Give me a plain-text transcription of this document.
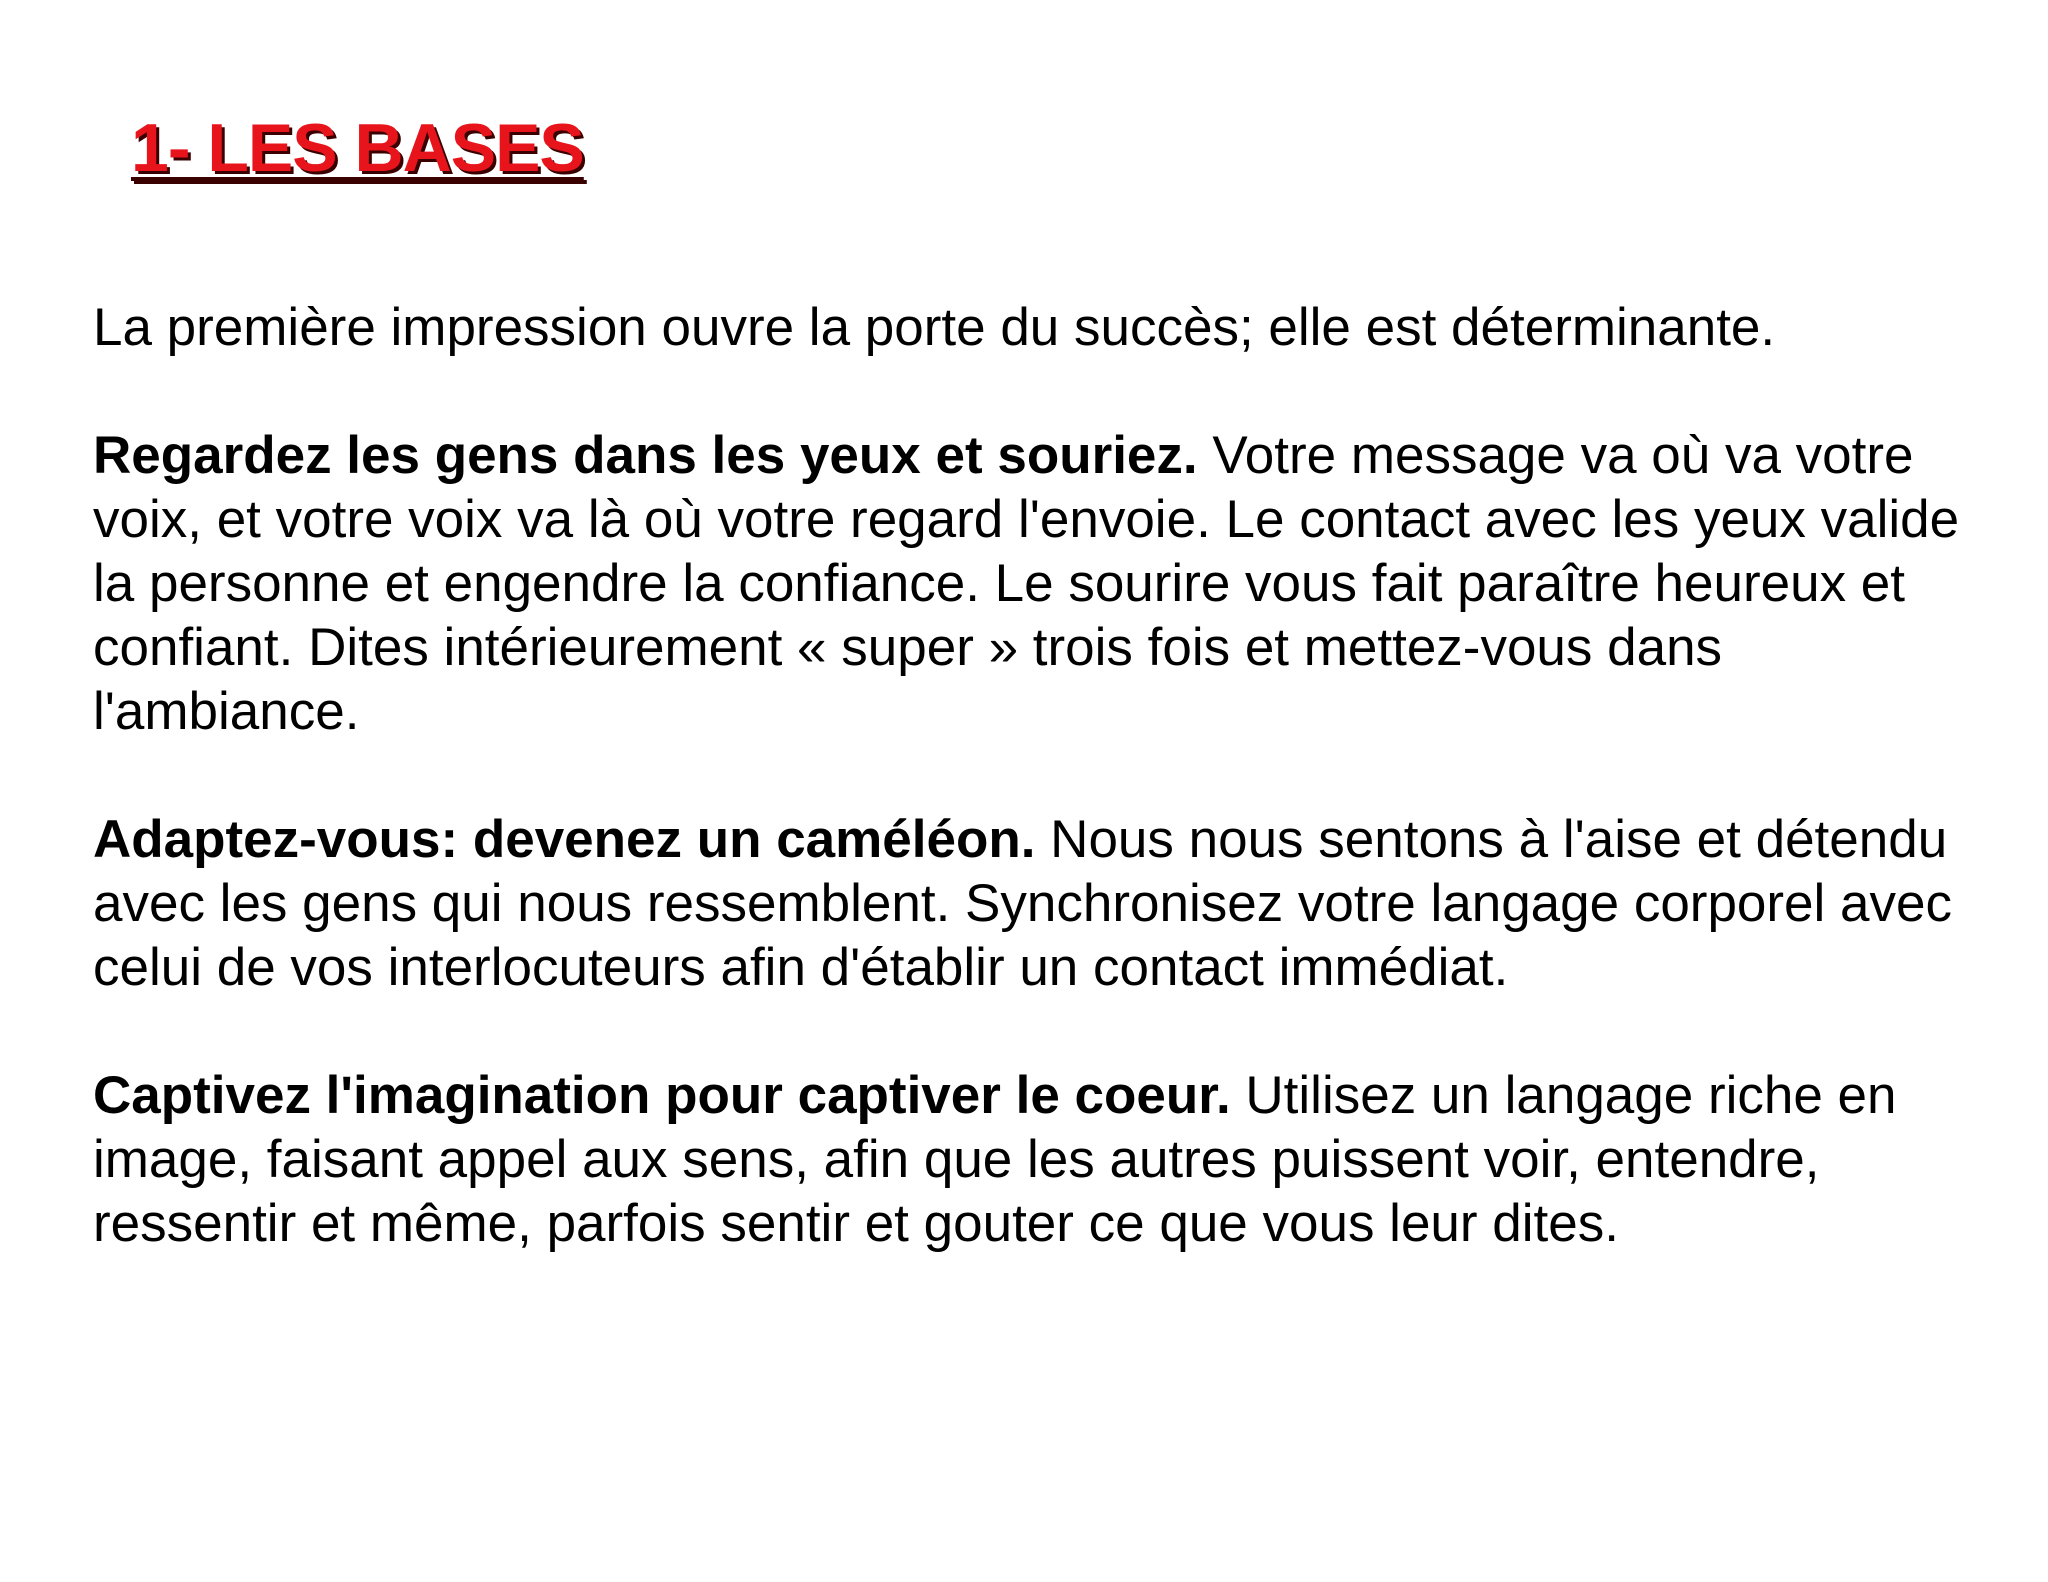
1- LES BASES

La première impression ouvre la porte du succès; elle est déterminante.

Regardez les gens dans les yeux et souriez. Votre message va où va votre voix, et votre voix va là où votre regard l'envoie. Le contact avec les yeux valide la personne et engendre la confiance. Le sourire vous fait paraître heureux et confiant. Dites intérieurement « super » trois fois et mettez-vous dans l'ambiance.

Adaptez-vous: devenez un caméléon. Nous nous sentons à l'aise et détendu avec les gens qui nous ressemblent. Synchronisez votre langage corporel avec celui de vos interlocuteurs afin d'établir un contact immédiat.

Captivez l'imagination pour captiver le coeur. Utilisez un langage riche en image, faisant appel aux sens, afin que les autres puissent voir, entendre, ressentir et même, parfois sentir et gouter ce que vous leur dites.
